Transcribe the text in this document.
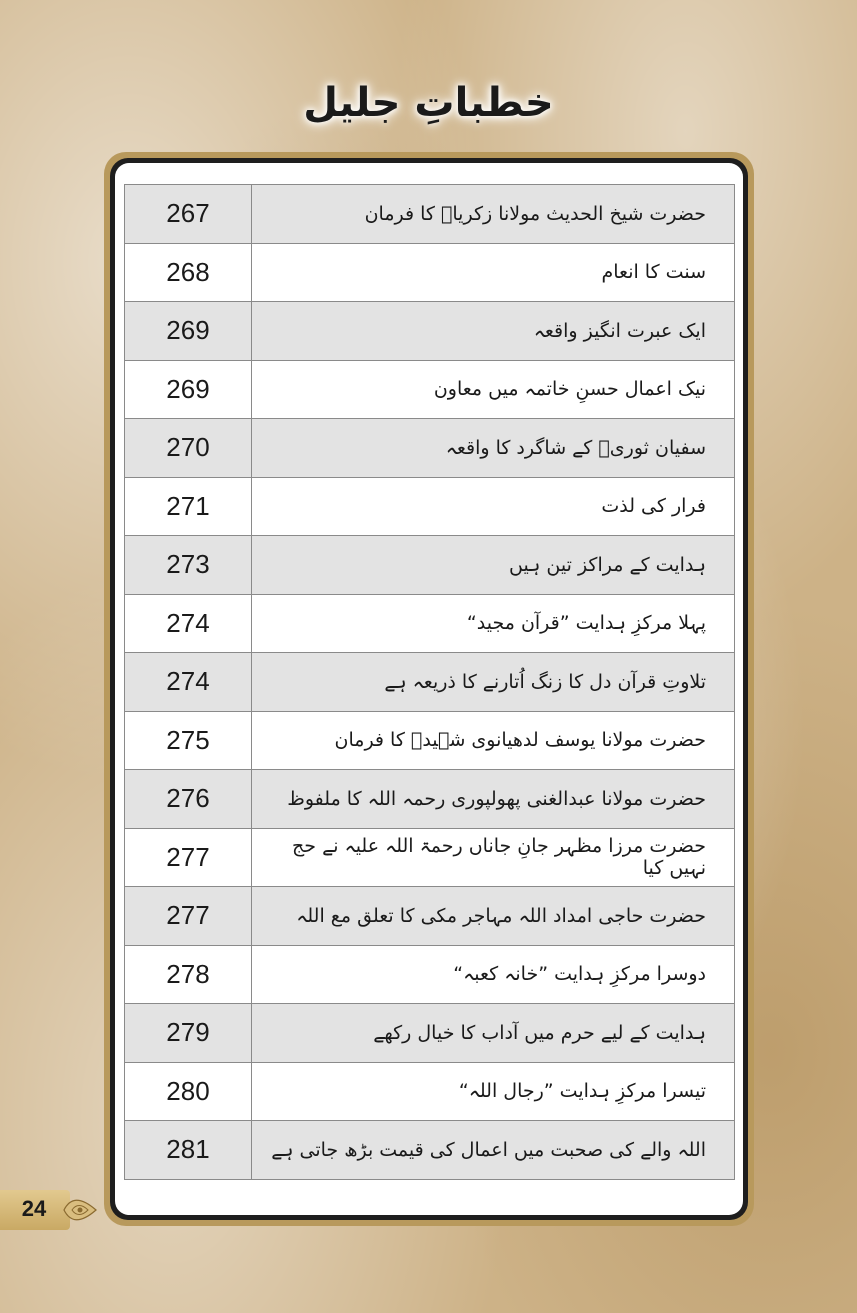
خطباتِ جلیل
267	حضرت شیخ الحدیث مولانا زکریاؒ کا فرمان
268	سنت کا انعام
269	ایک عبرت انگیز واقعہ
269	نیک اعمال حسنِ خاتمہ میں معاون
270	سفیان ثوریؒ کے شاگرد کا واقعہ
271	فرار کی لذت
273	ہدایت کے مراکز تین ہیں
274	پہلا مرکزِ ہدایت ”قرآن مجید“
274	تلاوتِ قرآن دل کا زنگ اُتارنے کا ذریعہ ہے
275	حضرت مولانا یوسف لدھیانوی شہیدؒ کا فرمان
276	حضرت مولانا عبدالغنی پھولپوری رحمہ اللہ کا ملفوظ
277	حضرت مرزا مظہر جانِ جاناں رحمۃ اللہ علیہ نے حج نہیں کیا
277	حضرت حاجی امداد اللہ مہاجر مکی کا تعلق مع اللہ
278	دوسرا مرکزِ ہدایت ”خانہ کعبہ“
279	ہدایت کے لیے حرم میں آداب کا خیال رکھے
280	تیسرا مرکزِ ہدایت ”رجال اللہ“
281	اللہ والے کی صحبت میں اعمال کی قیمت بڑھ جاتی ہے
24
